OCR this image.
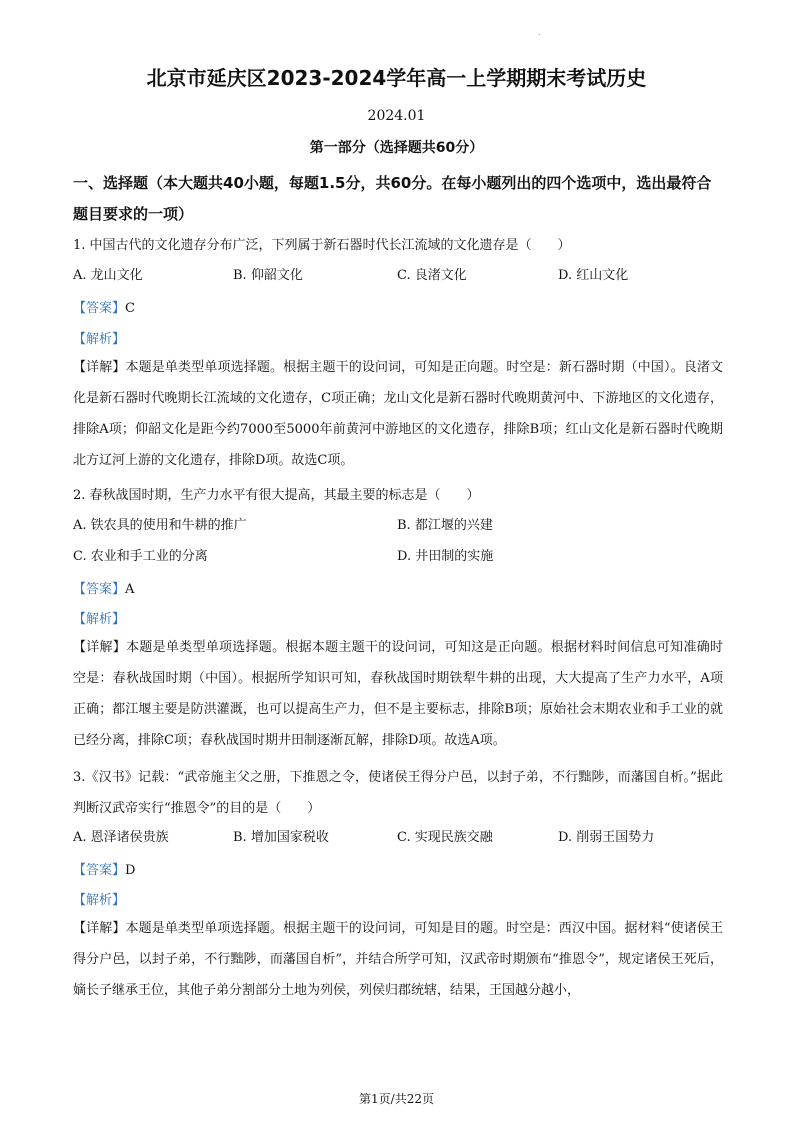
.
北京市延庆区2023-2024学年高一上学期期末考试历史
2024.01
第一部分（选择题共60分）
一、选择题（本大题共40小题，每题1.5分，共60分。在每小题列出的四个选项中，选出最符合题目要求的一项）
1. 中国古代的文化遗存分布广泛，下列属于新石器时代长江流域的文化遗存是（　　）
A. 龙山文化	B. 仰韶文化	C. 良渚文化	D. 红山文化
【答案】C
【解析】
【详解】本题是单类型单项选择题。根据主题干的设问词，可知是正向题。时空是：新石器时期（中国）。良渚文化是新石器时代晚期长江流域的文化遗存，C项正确；龙山文化是新石器时代晚期黄河中、下游地区的文化遗存，排除A项；仰韶文化是距今约7000至5000年前黄河中游地区的文化遗存，排除B项；红山文化是新石器时代晚期北方辽河上游的文化遗存，排除D项。故选C项。
2. 春秋战国时期，生产力水平有很大提高，其最主要的标志是（　　）
A. 铁农具的使用和牛耕的推广	B. 都江堰的兴建
C. 农业和手工业的分离	D. 井田制的实施
【答案】A
【解析】
【详解】本题是单类型单项选择题。根据本题主题干的设问词，可知这是正向题。根据材料时间信息可知准确时空是：春秋战国时期（中国）。根据所学知识可知，春秋战国时期铁犁牛耕的出现，大大提高了生产力水平，A项正确；都江堰主要是防洪灌溉，也可以提高生产力，但不是主要标志，排除B项；原始社会末期农业和手工业的就已经分离，排除C项；春秋战国时期井田制逐渐瓦解，排除D项。故选A项。
3.《汉书》记载：“武帝施主父之册，下推恩之令，使诸侯王得分户邑，以封子弟，不行黜陟，而藩国自析。”据此判断汉武帝实行“推恩令”的目的是（　　）
A. 恩泽诸侯贵族	B. 增加国家税收	C. 实现民族交融	D. 削弱王国势力
【答案】D
【解析】
【详解】本题是单类型单项选择题。根据主题干的设问词，可知是目的题。时空是：西汉中国。据材料“使诸侯王得分户邑，以封子弟，不行黜陟，而藩国自析”，并结合所学可知，汉武帝时期颁布“推恩令”，规定诸侯王死后，嫡长子继承王位，其他子弟分割部分土地为列侯，列侯归郡统辖，结果，王国越分越小，
第1页/共22页
